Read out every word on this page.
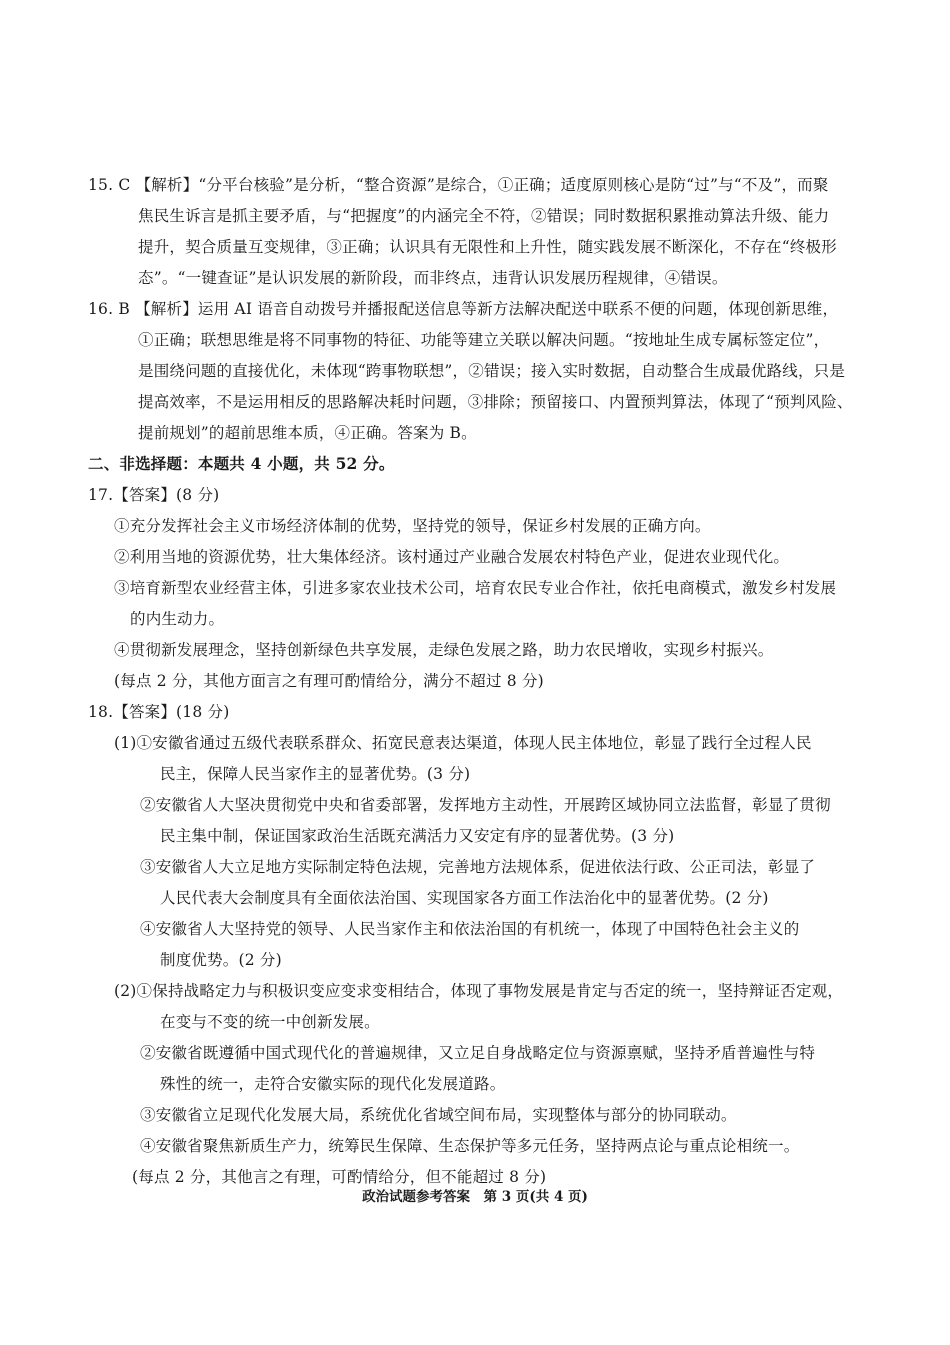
15. C 【解析】“分平台核验”是分析，“整合资源”是综合，①正确；适度原则核心是防“过”与“不及”，而聚
焦民生诉言是抓主要矛盾，与“把握度”的内涵完全不符，②错误；同时数据积累推动算法升级、能力
提升，契合质量互变规律，③正确；认识具有无限性和上升性，随实践发展不断深化，不存在“终极形
态”。“一键查证”是认识发展的新阶段，而非终点，违背认识发展历程规律，④错误。
16. B 【解析】运用 AI 语音自动拨号并播报配送信息等新方法解决配送中联系不便的问题，体现创新思维，
①正确；联想思维是将不同事物的特征、功能等建立关联以解决问题。“按地址生成专属标签定位”，
是围绕问题的直接优化，未体现“跨事物联想”，②错误；接入实时数据，自动整合生成最优路线，只是
提高效率，不是运用相反的思路解决耗时问题，③排除；预留接口、内置预判算法，体现了“预判风险、
提前规划”的超前思维本质，④正确。答案为 B。
二、非选择题：本题共 4 小题，共 52 分。
17.【答案】(8 分)
①充分发挥社会主义市场经济体制的优势，坚持党的领导，保证乡村发展的正确方向。
②利用当地的资源优势，壮大集体经济。该村通过产业融合发展农村特色产业，促进农业现代化。
③培育新型农业经营主体，引进多家农业技术公司，培育农民专业合作社，依托电商模式，激发乡村发展
的内生动力。
④贯彻新发展理念，坚持创新绿色共享发展，走绿色发展之路，助力农民增收，实现乡村振兴。
(每点 2 分，其他方面言之有理可酌情给分，满分不超过 8 分)
18.【答案】(18 分)
(1)①安徽省通过五级代表联系群众、拓宽民意表达渠道，体现人民主体地位，彰显了践行全过程人民
民主，保障人民当家作主的显著优势。(3 分)
②安徽省人大坚决贯彻党中央和省委部署，发挥地方主动性，开展跨区域协同立法监督，彰显了贯彻
民主集中制，保证国家政治生活既充满活力又安定有序的显著优势。(3 分)
③安徽省人大立足地方实际制定特色法规，完善地方法规体系，促进依法行政、公正司法，彰显了
人民代表大会制度具有全面依法治国、实现国家各方面工作法治化中的显著优势。(2 分)
④安徽省人大坚持党的领导、人民当家作主和依法治国的有机统一，体现了中国特色社会主义的
制度优势。(2 分)
(2)①保持战略定力与积极识变应变求变相结合，体现了事物发展是肯定与否定的统一，坚持辩证否定观，
在变与不变的统一中创新发展。
②安徽省既遵循中国式现代化的普遍规律，又立足自身战略定位与资源禀赋，坚持矛盾普遍性与特
殊性的统一，走符合安徽实际的现代化发展道路。
③安徽省立足现代化发展大局，系统优化省域空间布局，实现整体与部分的协同联动。
④安徽省聚焦新质生产力，统筹民生保障、生态保护等多元任务，坚持两点论与重点论相统一。
(每点 2 分，其他言之有理，可酌情给分，但不能超过 8 分)
政治试题参考答案　第 3 页(共 4 页)
